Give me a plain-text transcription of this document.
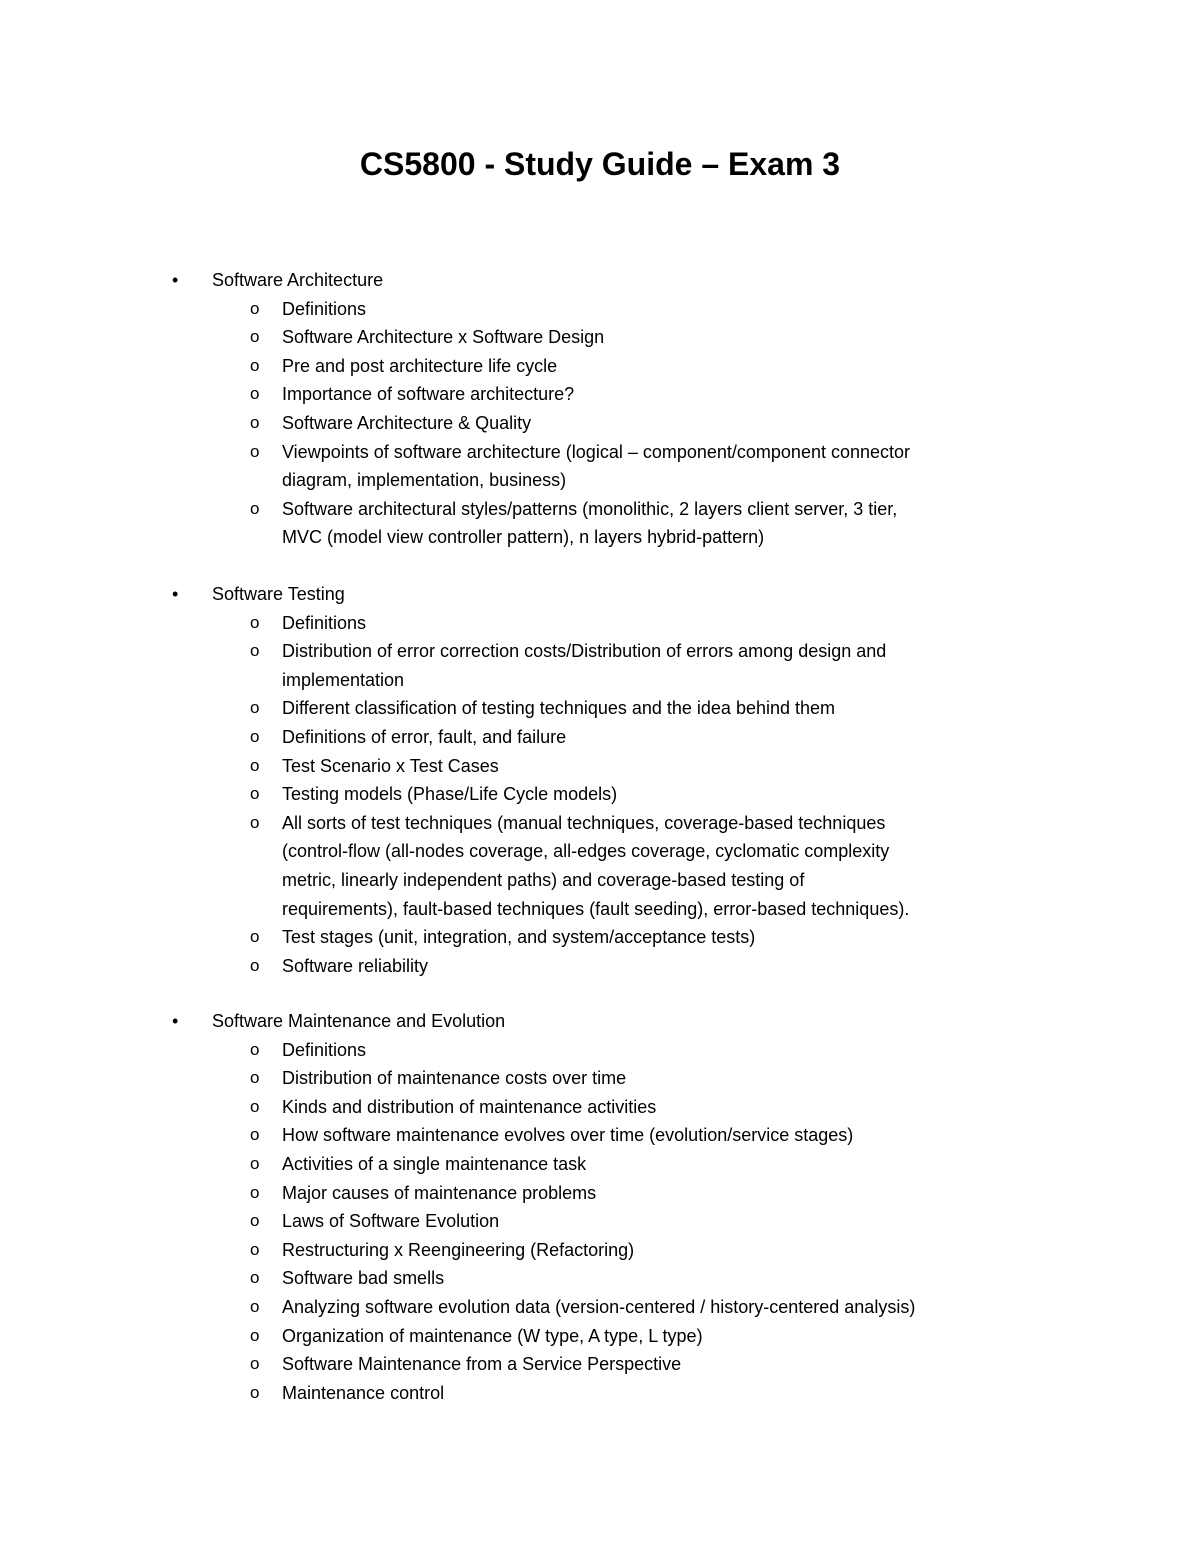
CS5800 - Study Guide – Exam 3
•	Software Architecture
o Definitions
o Software Architecture x Software Design
o Pre and post architecture life cycle
o Importance of software architecture?
o Software Architecture & Quality
o Viewpoints of software architecture (logical – component/component connector diagram, implementation, business)
o Software architectural styles/patterns (monolithic, 2 layers client server, 3 tier, MVC (model view controller pattern), n layers hybrid-pattern)
•	Software Testing
o Definitions
o Distribution of error correction costs/Distribution of errors among design and implementation
o Different classification of testing techniques and the idea behind them
o Definitions of error, fault, and failure
o Test Scenario x Test Cases
o Testing models (Phase/Life Cycle models)
o All sorts of test techniques (manual techniques, coverage-based techniques (control-flow (all-nodes coverage, all-edges coverage, cyclomatic complexity metric, linearly independent paths) and coverage-based testing of requirements), fault-based techniques (fault seeding), error-based techniques).
o Test stages (unit, integration, and system/acceptance tests)
o Software reliability
•	Software Maintenance and Evolution
o Definitions
o Distribution of maintenance costs over time
o Kinds and distribution of maintenance activities
o How software maintenance evolves over time (evolution/service stages)
o Activities of a single maintenance task
o Major causes of maintenance problems
o Laws of Software Evolution
o Restructuring x Reengineering (Refactoring)
o Software bad smells
o Analyzing software evolution data (version-centered / history-centered analysis)
o Organization of maintenance (W type, A type, L type)
o Software Maintenance from a Service Perspective
o Maintenance control
